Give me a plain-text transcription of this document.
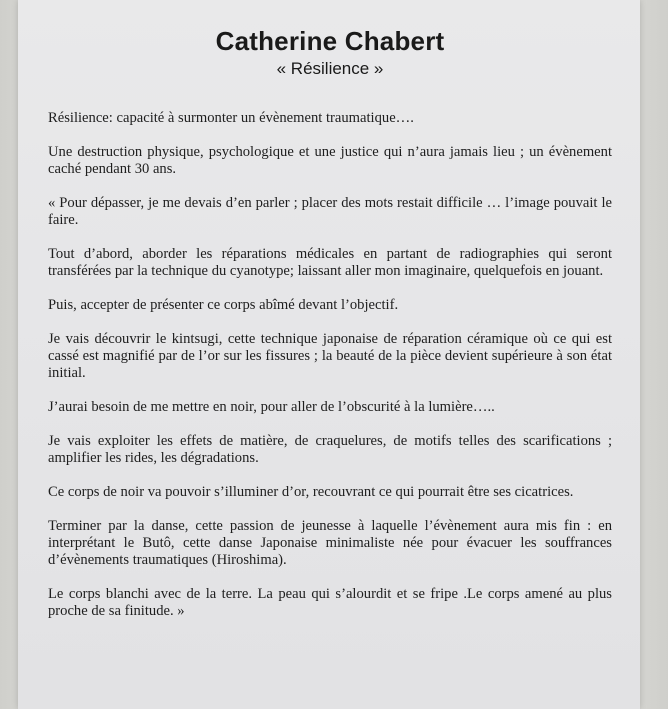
Catherine Chabert
« Résilience »

Résilience: capacité à surmonter un évènement traumatique….

Une destruction physique, psychologique et une justice qui n’aura jamais lieu ; un évènement caché pendant 30 ans.

« Pour dépasser, je me devais d’en parler ; placer des mots restait difficile … l’image pouvait le faire.

Tout d’abord, aborder les réparations médicales en partant de radiographies qui seront transférées par la technique du cyanotype; laissant aller mon imaginaire, quelquefois en jouant.

Puis, accepter de présenter ce corps abîmé devant l’objectif.

Je vais découvrir le kintsugi, cette technique japonaise de réparation céramique où ce qui est cassé est magnifié par de l’or sur les fissures ; la beauté de la pièce devient supérieure à son état initial.

J’aurai besoin de me mettre en noir, pour aller de l’obscurité à la lumière…..

Je vais exploiter les effets de matière, de craquelures, de motifs telles des scarifications ; amplifier les rides, les dégradations.

Ce corps de noir va pouvoir s’illuminer d’or, recouvrant ce qui pourrait être ses cicatrices.

Terminer par la danse, cette passion de jeunesse à laquelle l’évènement aura mis fin : en interprétant le Butô, cette danse Japonaise minimaliste née pour évacuer les souffrances d’évènements traumatiques (Hiroshima).

Le corps blanchi avec de la terre. La peau qui s’alourdit et se fripe .Le corps amené au plus proche de sa finitude. »
